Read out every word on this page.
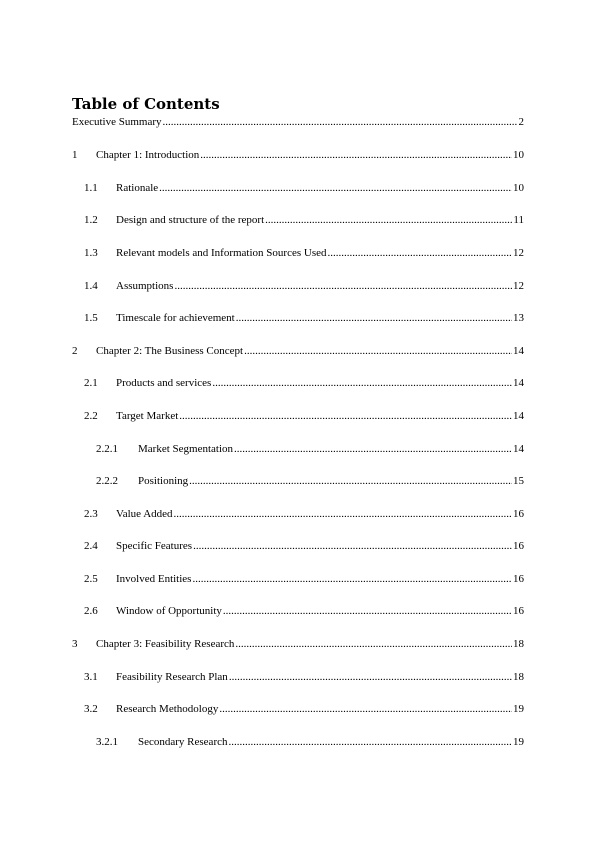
Table of Contents
Executive Summary .....	2
1	Chapter 1: Introduction .....	10
1.1	Rationale .....	10
1.2	Design and structure of the report .....	11
1.3	Relevant models and Information Sources Used .....	12
1.4	Assumptions .....	12
1.5	Timescale for achievement .....	13
2	Chapter 2: The Business Concept .....	14
2.1	Products and services .....	14
2.2	Target Market .....	14
2.2.1	Market Segmentation .....	14
2.2.2	Positioning .....	15
2.3	Value Added .....	16
2.4	Specific Features .....	16
2.5	Involved Entities .....	16
2.6	Window of Opportunity .....	16
3	Chapter 3: Feasibility Research .....	18
3.1	Feasibility Research Plan .....	18
3.2	Research Methodology .....	19
3.2.1	Secondary Research .....	19
